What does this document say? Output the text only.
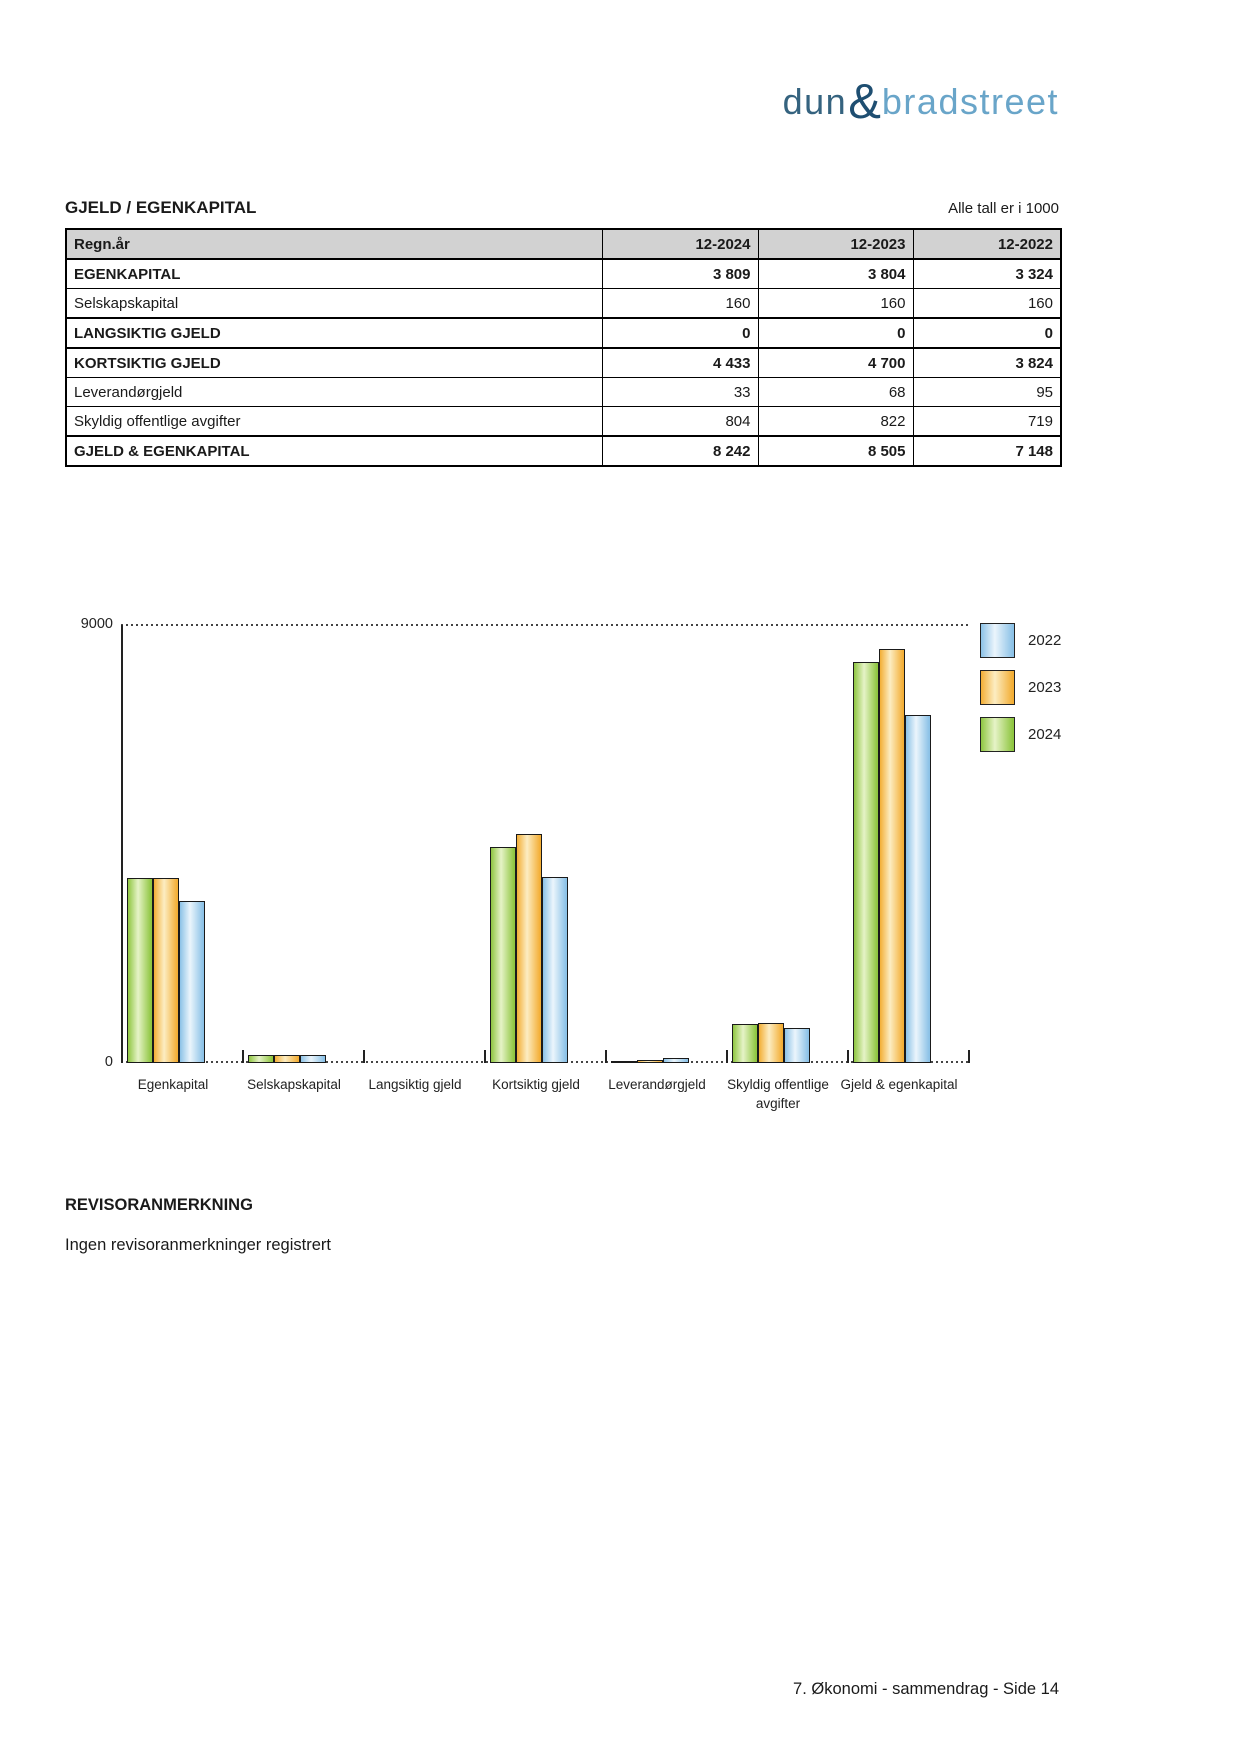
dun & bradstreet
GJELD / EGENKAPITAL	Alle tall er i 1000
Regn.år	12-2024	12-2023	12-2022
EGENKAPITAL	3 809	3 804	3 324
Selskapskapital	160	160	160
LANGSIKTIG GJELD	0	0	0
KORTSIKTIG GJELD	4 433	4 700	3 824
Leverandørgjeld	33	68	95
Skyldig offentlige avgifter	804	822	719
GJELD & EGENKAPITAL	8 242	8 505	7 148
9000
0
2022
2023
2024
Egenkapital	Selskapskapital	Langsiktig gjeld	Kortsiktig gjeld	Leverandørgjeld	Skyldig offentlige avgifter
Gjeld & egenkapital
REVISORANMERKNING
Ingen revisoranmerkninger registrert
7. Økonomi - sammendrag - Side 14
